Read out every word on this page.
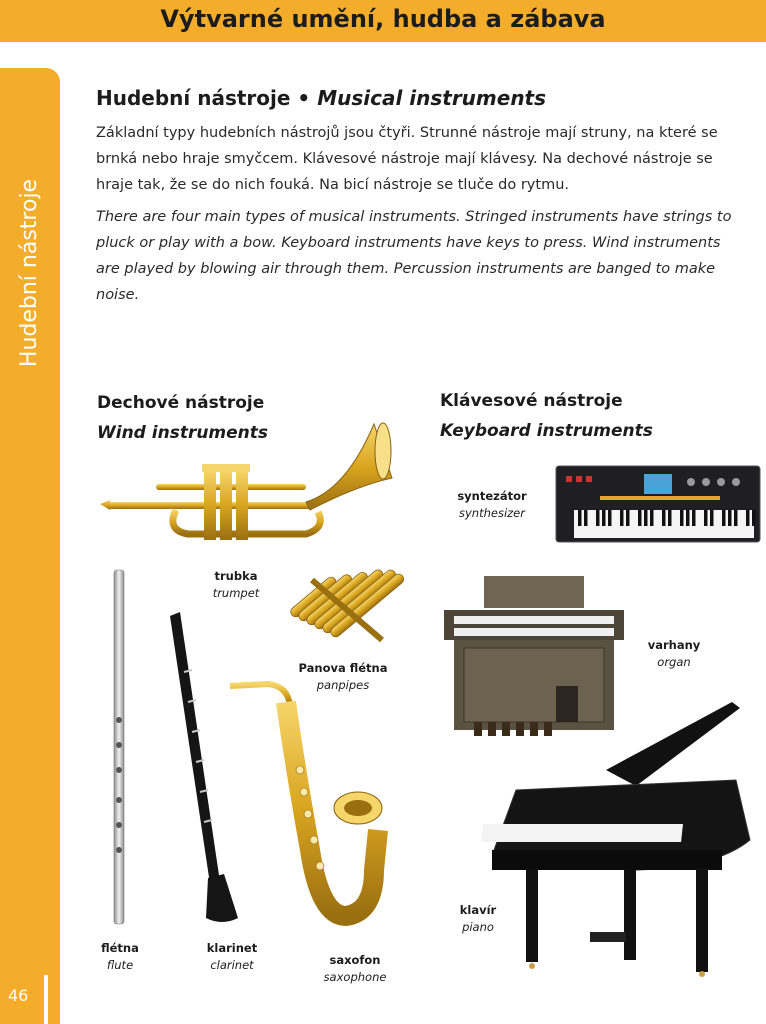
Výtvarné umění, hudba a zábava
Hudební nástroje
46
Hudební nástroje • Musical instruments
Základní typy hudebních nástrojů jsou čtyři. Strunné nástroje mají struny, na které se brnká nebo hraje smyčcem. Klávesové nástroje mají klávesy. Na dechové nástroje se hraje tak, že se do nich fouká. Na bicí nástroje se tluče do rytmu.
There are four main types of musical instruments. Stringed instruments have strings to pluck or play with a bow. Keyboard instruments have keys to press. Wind instruments are played by blowing air through them. Percussion instruments are banged to make noise.
Dechové nástroje
Wind instruments
Klávesové nástroje
Keyboard instruments
trubka
trumpet
Panova flétna
panpipes
flétna
flute
klarinet
clarinet	saxofon
saxophone
syntezátor
synthesizer
varhany
organ
klavír
piano
